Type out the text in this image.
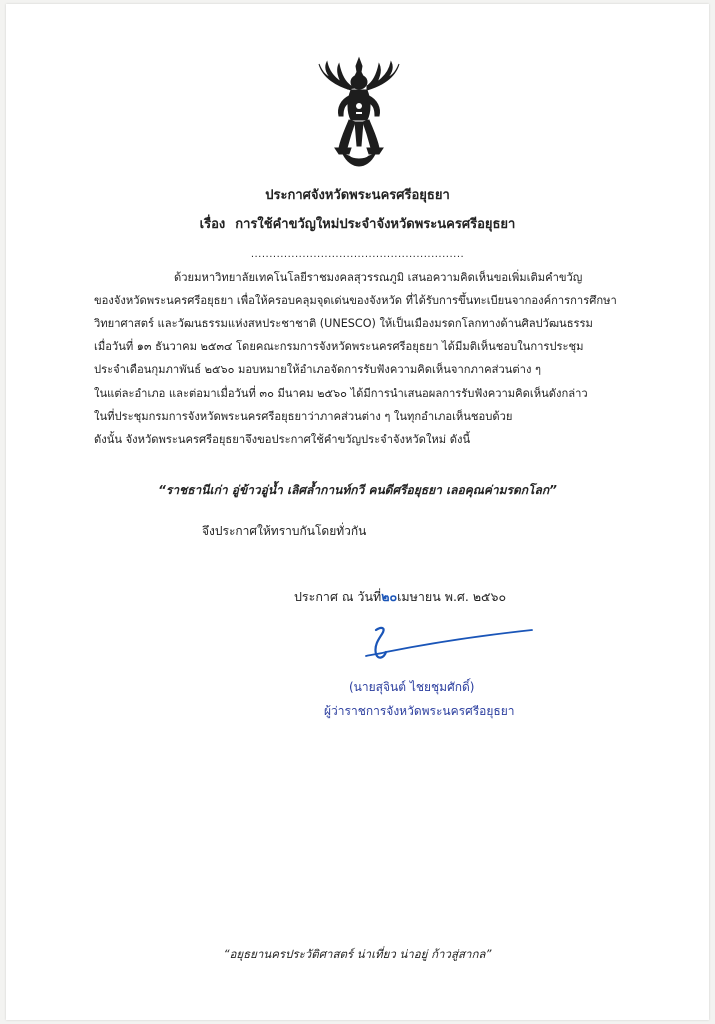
ประกาศจังหวัดพระนครศรีอยุธยา
เรื่อง การใช้คำขวัญใหม่ประจำจังหวัดพระนครศรีอยุธยา
..........................................................
ด้วยมหาวิทยาลัยเทคโนโลยีราชมงคลสุวรรณภูมิ เสนอความคิดเห็นขอเพิ่มเติมคำขวัญ
ของจังหวัดพระนครศรีอยุธยา เพื่อให้ครอบคลุมจุดเด่นของจังหวัด ที่ได้รับการขึ้นทะเบียนจากองค์การการศึกษา
วิทยาศาสตร์ และวัฒนธรรมแห่งสหประชาชาติ (UNESCO) ให้เป็นเมืองมรดกโลกทางด้านศิลปวัฒนธรรม
เมื่อวันที่ ๑๓ ธันวาคม ๒๕๓๔ โดยคณะกรมการจังหวัดพระนครศรีอยุธยา ได้มีมติเห็นชอบในการประชุม
ประจำเดือนกุมภาพันธ์ ๒๕๖๐ มอบหมายให้อำเภอจัดการรับฟังความคิดเห็นจากภาคส่วนต่าง ๆ
ในแต่ละอำเภอ และต่อมาเมื่อวันที่ ๓๐ มีนาคม ๒๕๖๐ ได้มีการนำเสนอผลการรับฟังความคิดเห็นดังกล่าว
ในที่ประชุมกรมการจังหวัดพระนครศรีอยุธยาว่าภาคส่วนต่าง ๆ ในทุกอำเภอเห็นชอบด้วย
ดังนั้น จังหวัดพระนครศรีอยุธยาจึงขอประกาศใช้คำขวัญประจำจังหวัดใหม่ ดังนี้
“ราชธานีเก่า อู่ข้าวอู่น้ำ เลิศล้ำกานท์กวี คนดีศรีอยุธยา เลอคุณค่ามรดกโลก”
จึงประกาศให้ทราบกันโดยทั่วกัน
ประกาศ ณ วันที่๒๐เมษายน พ.ศ. ๒๕๖๐
(นายสุจินต์ ไชยชุมศักดิ์)
ผู้ว่าราชการจังหวัดพระนครศรีอยุธยา
“อยุธยานครประวัติศาสตร์ น่าเที่ยว น่าอยู่ ก้าวสู่สากล”
